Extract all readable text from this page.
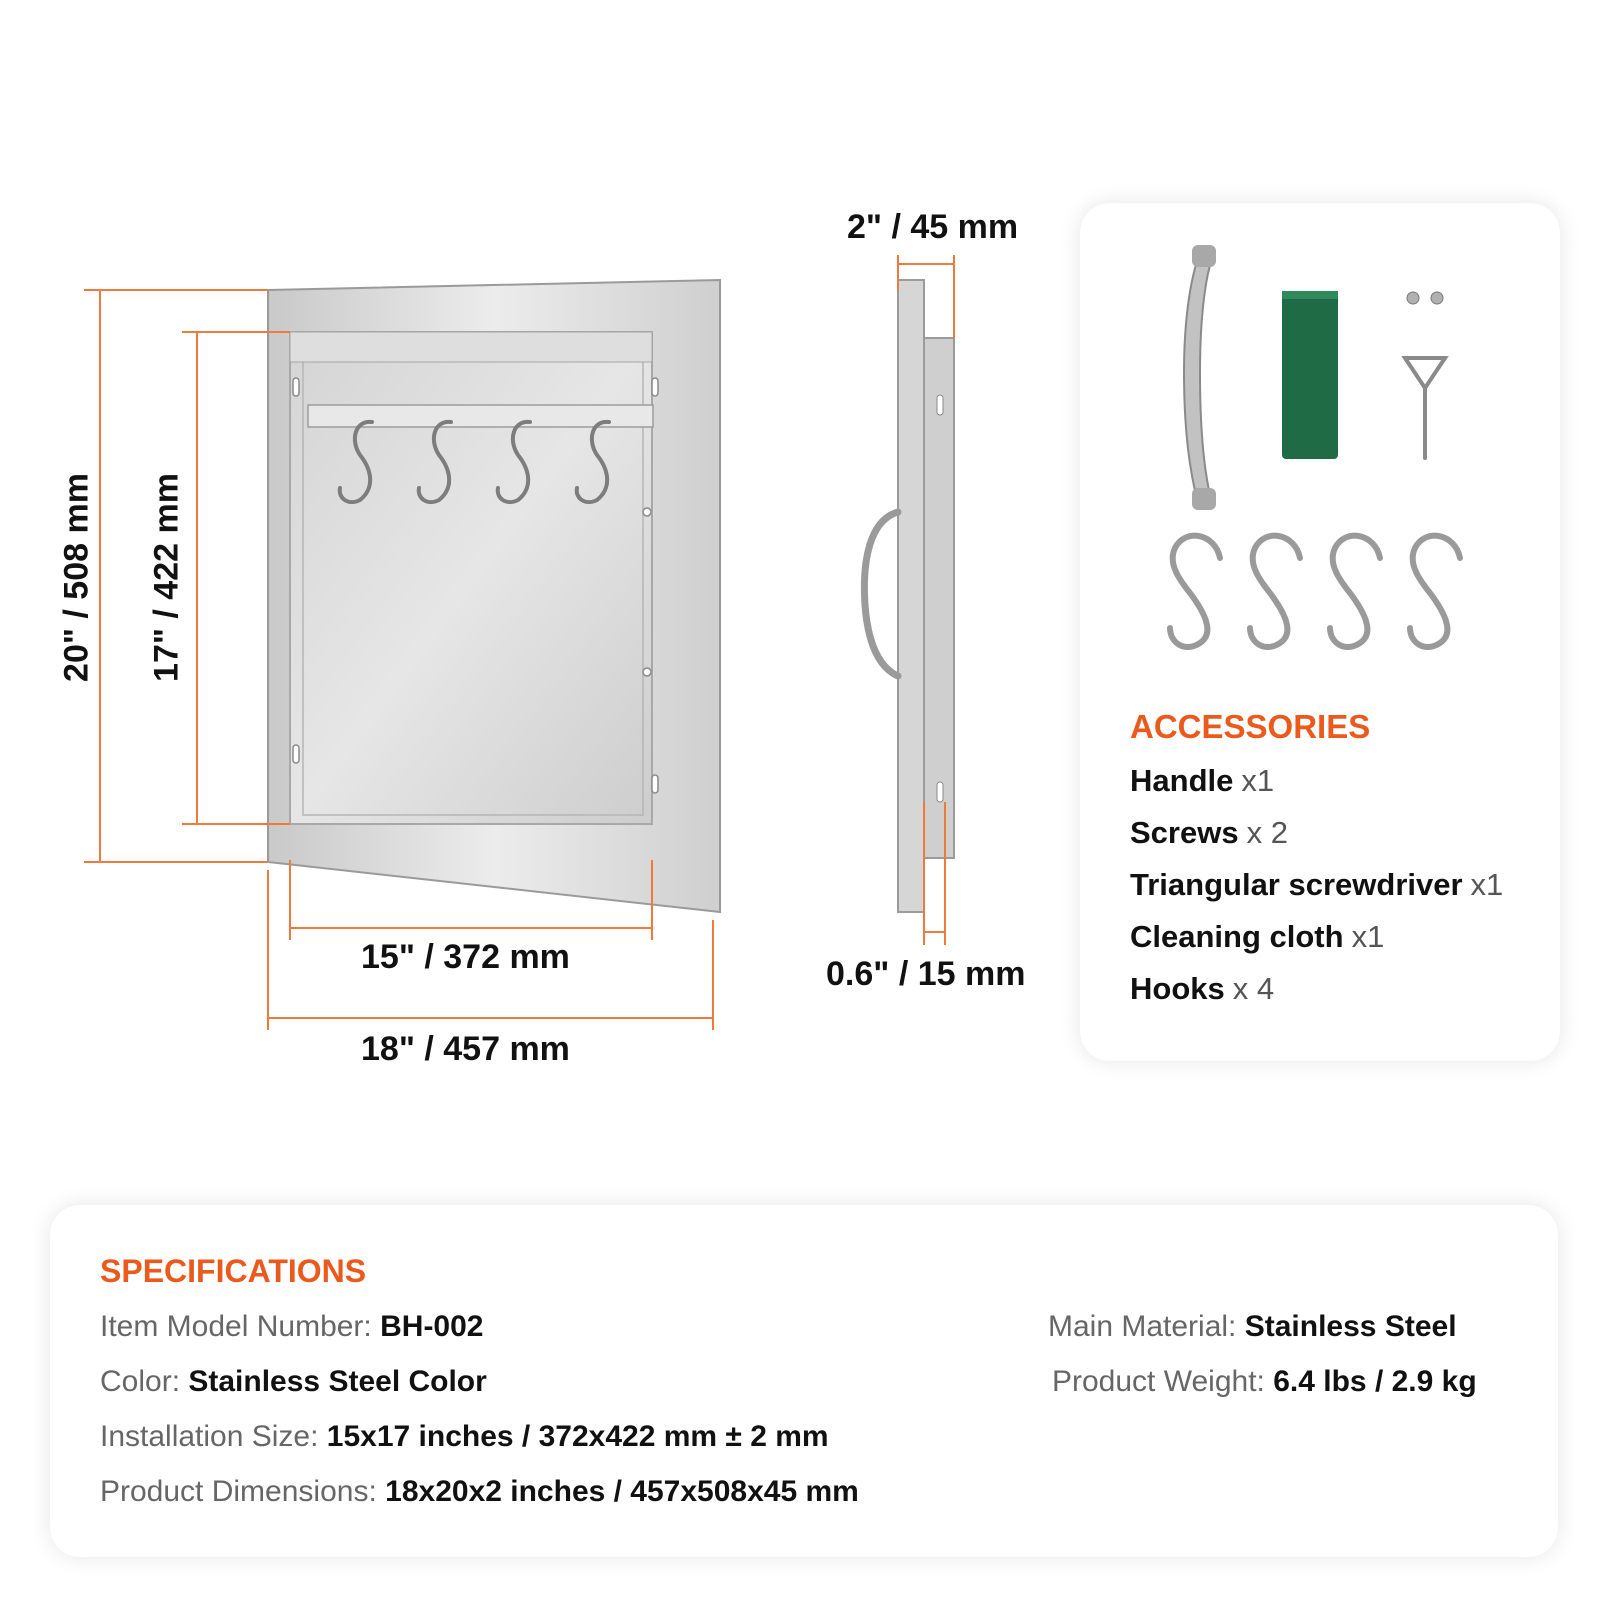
20" / 508 mm 17" / 422 mm
15" / 372 mm
18" / 457 mm
2" / 45 mm
0.6" / 15 mm
ACCESSORIES
Handle x1
Screws x 2
Triangular screwdriver x1
Cleaning cloth x1
Hooks x 4
SPECIFICATIONS
Item Model Number: BH-002
Color: Stainless Steel Color
Installation Size: 15x17 inches / 372x422 mm ± 2 mm
Product Dimensions: 18x20x2 inches / 457x508x45 mm
Main Material: Stainless Steel
Product Weight: 6.4 lbs / 2.9 kg
